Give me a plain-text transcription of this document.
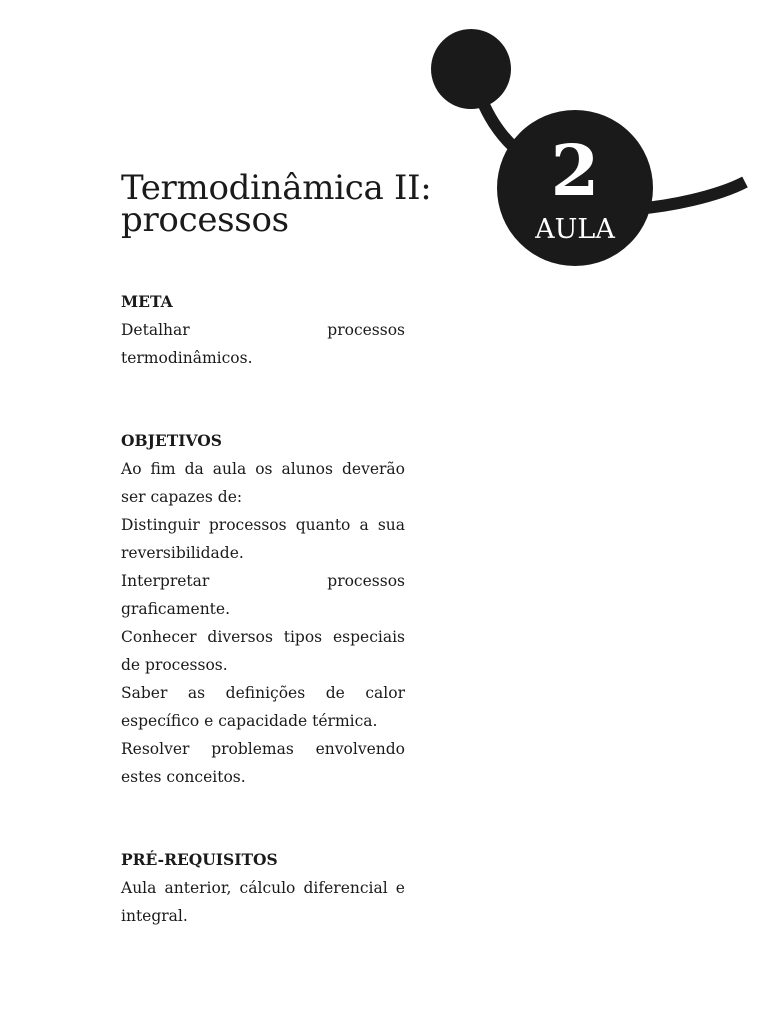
2
AULA
Termodinâmica II:
processos
META

Detalhar processos termodinâmicos.

OBJETIVOS

Ao fim da aula os alunos deverão ser capazes de:

Distinguir processos quanto a sua reversibilidade.

Interpretar processos graficamente.

Conhecer diversos tipos especiais de processos.

Saber as definições de calor específico e capacidade térmica.

Resolver problemas envolvendo estes conceitos.

PRÉ-REQUISITOS

Aula anterior, cálculo diferencial e integral.
